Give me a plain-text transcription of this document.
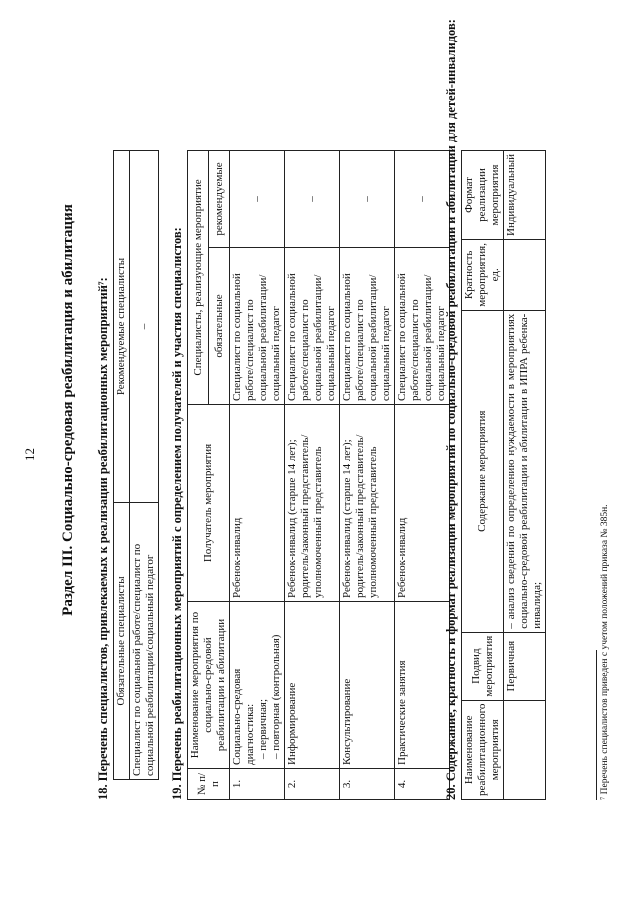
12 Раздел III. Социально-средовая реабилитация и абилитация 18. Перечень специалистов, привлекаемых к реализации реабилитационных мероприятий⁷: Обязательные специалисты	Рекомендуемые специалисты
Специалист по социальной работе/специалист по социальной реабилитации/социальный педагог	– 19. Перечень реабилитационных мероприятий с определением получателей и участия специалистов: № п/п	Наименование мероприятия по социально-средовой реабилитации и абилитации	Получатель мероприятия	Специалисты, реализующие мероприятие	
			обязательные	рекомендуемые
1.	Социально-средовая диагностика: – первичная; – повторная (контрольная)	Ребенок-инвалид	Специалист по социальной работе/специалист по социальной реабилитации/социальный педагог	–
2.	Информирование	Ребенок-инвалид (старше 14 лет); родитель/законный представитель/уполномоченный представитель	Специалист по социальной работе/специалист по социальной реабилитации/социальный педагог	–
3.	Консультирование	Ребенок-инвалид (старше 14 лет); родитель/законный представитель/уполномоченный представитель	Специалист по социальной работе/специалист по социальной реабилитации/социальный педагог	–
4.	Практические занятия	Ребенок-инвалид	Специалист по социальной работе/специалист по социальной реабилитации/социальный педагог	– 20. Содержание, кратность и формат реализации мероприятий по социально-средовой реабилитации и абилитации для детей-инвалидов: Наименование реабилитационного мероприятия	Подвид мероприятия	Содержание мероприятия	Кратность мероприятия, ед.	Формат реализации мероприятия
	Первичная	– анализ сведений по определению нуждаемости в мероприятиях социально-средовой реабилитации и абилитации в ИПРА ребенка-инвалида;		Индивидуальный
⁷ Перечень специалистов приведен с учетом положений приказа № 385н.
